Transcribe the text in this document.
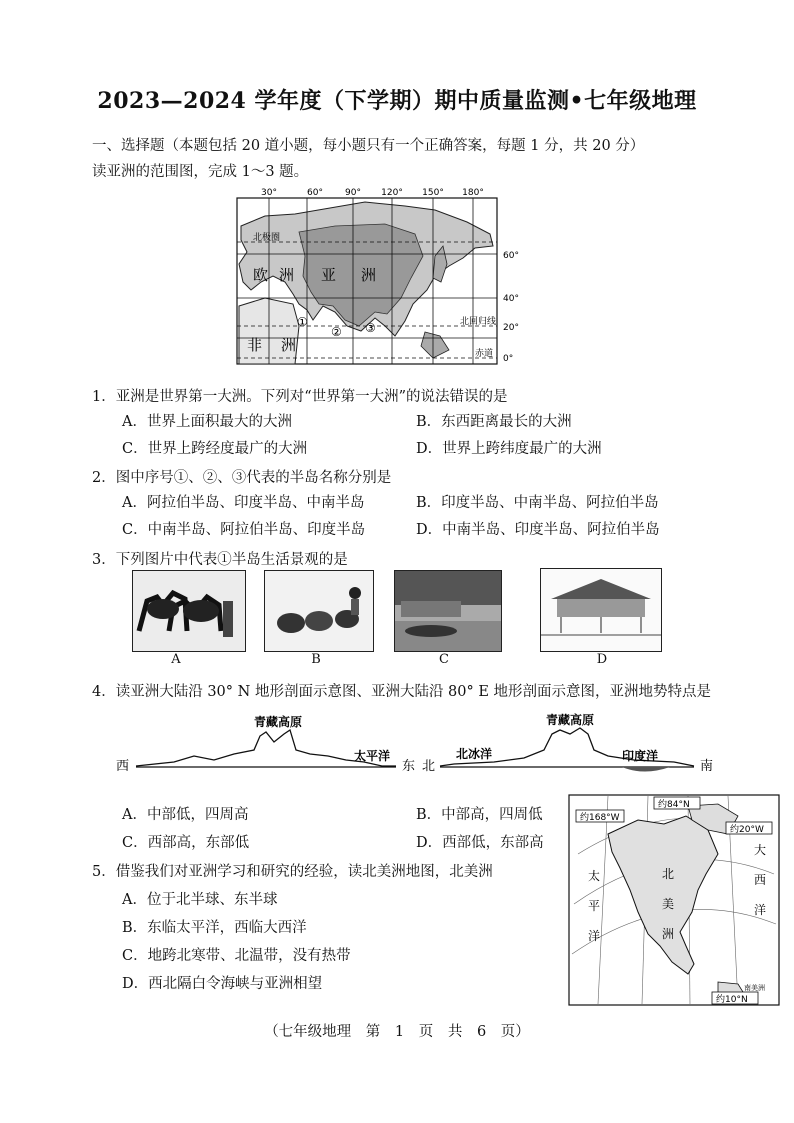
2023—2024 学年度（下学期）期中质量监测•七年级地理
一、选择题（本题包括 20 道小题，每小题只有一个正确答案，每题 1 分，共 20 分）
读亚洲的范围图，完成 1～3 题。
30°	60° 90° 120° 150° 180°
北极圈
北回归线
赤道
60°
40°
20°
0°
欧 洲 亚 洲
非 洲
①
② ③
1．亚洲是世界第一大洲。下列对“世界第一大洲”的说法错误的是
A．世界上面积最大的大洲	B．东西距离最长的大洲
C．世界上跨经度最广的大洲	D．世界上跨纬度最广的大洲
2．图中序号①、②、③代表的半岛名称分别是
A．阿拉伯半岛、印度半岛、中南半岛	B．印度半岛、中南半岛、阿拉伯半岛
C．中南半岛、阿拉伯半岛、印度半岛	D．中南半岛、印度半岛、阿拉伯半岛
3．下列图片中代表①半岛生活景观的是
A	B	C	D
4．读亚洲大陆沿 30° N 地形剖面示意图、亚洲大陆沿 80° E 地形剖面示意图，亚洲地势特点是
西
青藏高原
太平洋
东 北
北冰洋
青藏高原
印度洋
南
A．中部低，四周高	B．中部高，四周低
C．西部高，东部低	D．西部低，东部高
5．借鉴我们对亚洲学习和研究的经验，读北美洲地图，北美洲
A．位于北半球、东半球
B．东临太平洋，西临大西洋
C．地跨北寒带、北温带，没有热带
D．西北隔白令海峡与亚洲相望
约168°W
约84°N
约20°W
约10°N
大
西
洋
太
平
洋
北
美
洲
南美洲
（七年级地理 第 1 页 共 6 页）
